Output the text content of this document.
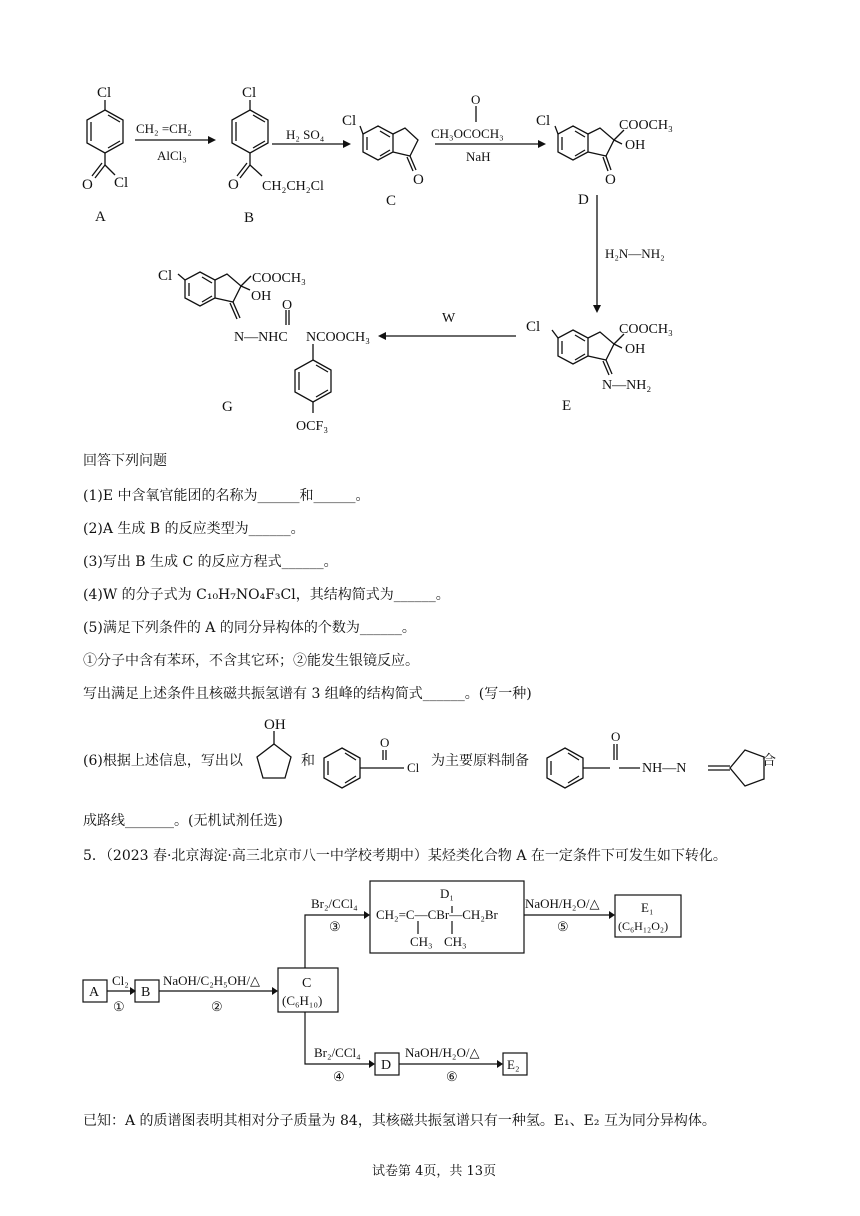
Cl
O Cl
A
CH₂ =CH₂
AlCl₃
Cl
O CH₂CH₂Cl
B
H₂ SO₄
Cl
O
C
O
CH₃OCOCH₃
NaH
Cl	COOCH₃
OH
O
D
H₂N—NH₂
Cl	COOCH₃
OH
N—NH₂
E
W
Cl	COOCH₃
OH
O
N—NHC NCOOCH₃
OCF₃
G
回答下列问题
(1)E 中含氧官能团的名称为______和______。
(2)A 生成 B 的反应类型为______。
(3)写出 B 生成 C 的反应方程式______。
(4)W 的分子式为 C₁₀H₇NO₄F₃Cl，其结构简式为______。
(5)满足下列条件的 A 的同分异构体的个数为______。
①分子中含有苯环，不含其它环；②能发生银镜反应。
写出满足上述条件且核磁共振氢谱有 3 组峰的结构简式______。(写一种)
(6)根据上述信息，写出以	和	为主要原料制备	合
OH
O
Cl
O
NH—N
成路线_______。(无机试剂任选)
5．（2023 春·北京海淀·高三北京市八一中学校考期中）某烃类化合物 A 在一定条件下可发生如下转化。
A
Cl₂
①
B
NaOH/C₂H₅OH/△
②
C
(C₆H₁₀)
Br₂/CCl₄
③
D₁
CH₂=C—CBr—CH₂Br
CH₃ CH₃
NaOH/H₂O/△
⑤
E₁
(C₆H₁₂O₂)
Br₂/CCl₄
④
D
NaOH/H₂O/△
⑥
E₂
已知：A 的质谱图表明其相对分子质量为 84，其核磁共振氢谱只有一种氢。E₁、E₂ 互为同分异构体。
试卷第 4页，共 13页
